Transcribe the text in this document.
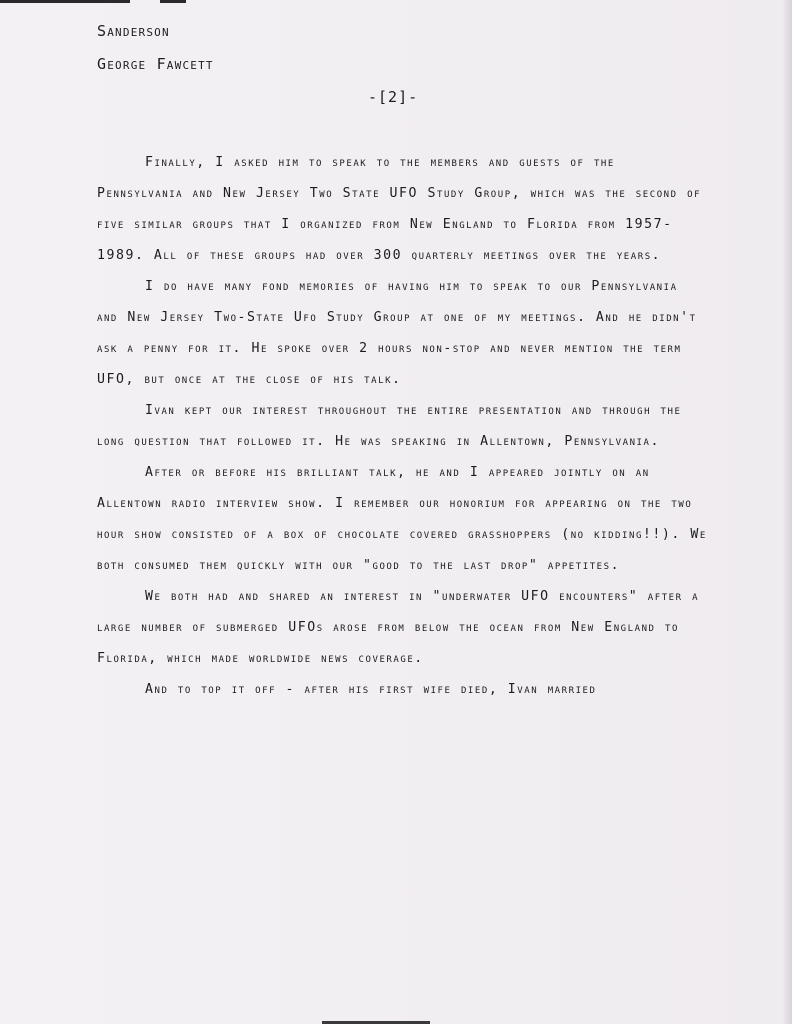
Sanderson
George Fawcett
-[2]-

Finally, I asked him to speak to the members and guests of the Pennsylvania and New Jersey Two State UFO Study Group, which was the second of five similar groups that I organized from New England to Florida from 1957-1989. All of these groups had over 300 quarterly meetings over the years.

I do have many fond memories of having him to speak to our Pennsylvania and New Jersey Two-State Ufo Study Group at one of my meetings. And he didn't ask a penny for it. He spoke over 2 hours non-stop and never mention the term UFO, but once at the close of his talk.

Ivan kept our interest throughout the entire presentation and through the long question that followed it. He was speaking in Allentown, Pennsylvania.

After or before his brilliant talk, he and I appeared jointly on an Allentown radio interview show. I remember our honorium for appearing on the two hour show consisted of a box of chocolate covered grasshoppers (no kidding!!). We both consumed them quickly with our "good to the last drop" appetites.

We both had and shared an interest in "underwater UFO encounters" after a large number of submerged UFOs arose from below the ocean from New England to Florida, which made worldwide news coverage.

And to top it off - after his first wife died, Ivan married
